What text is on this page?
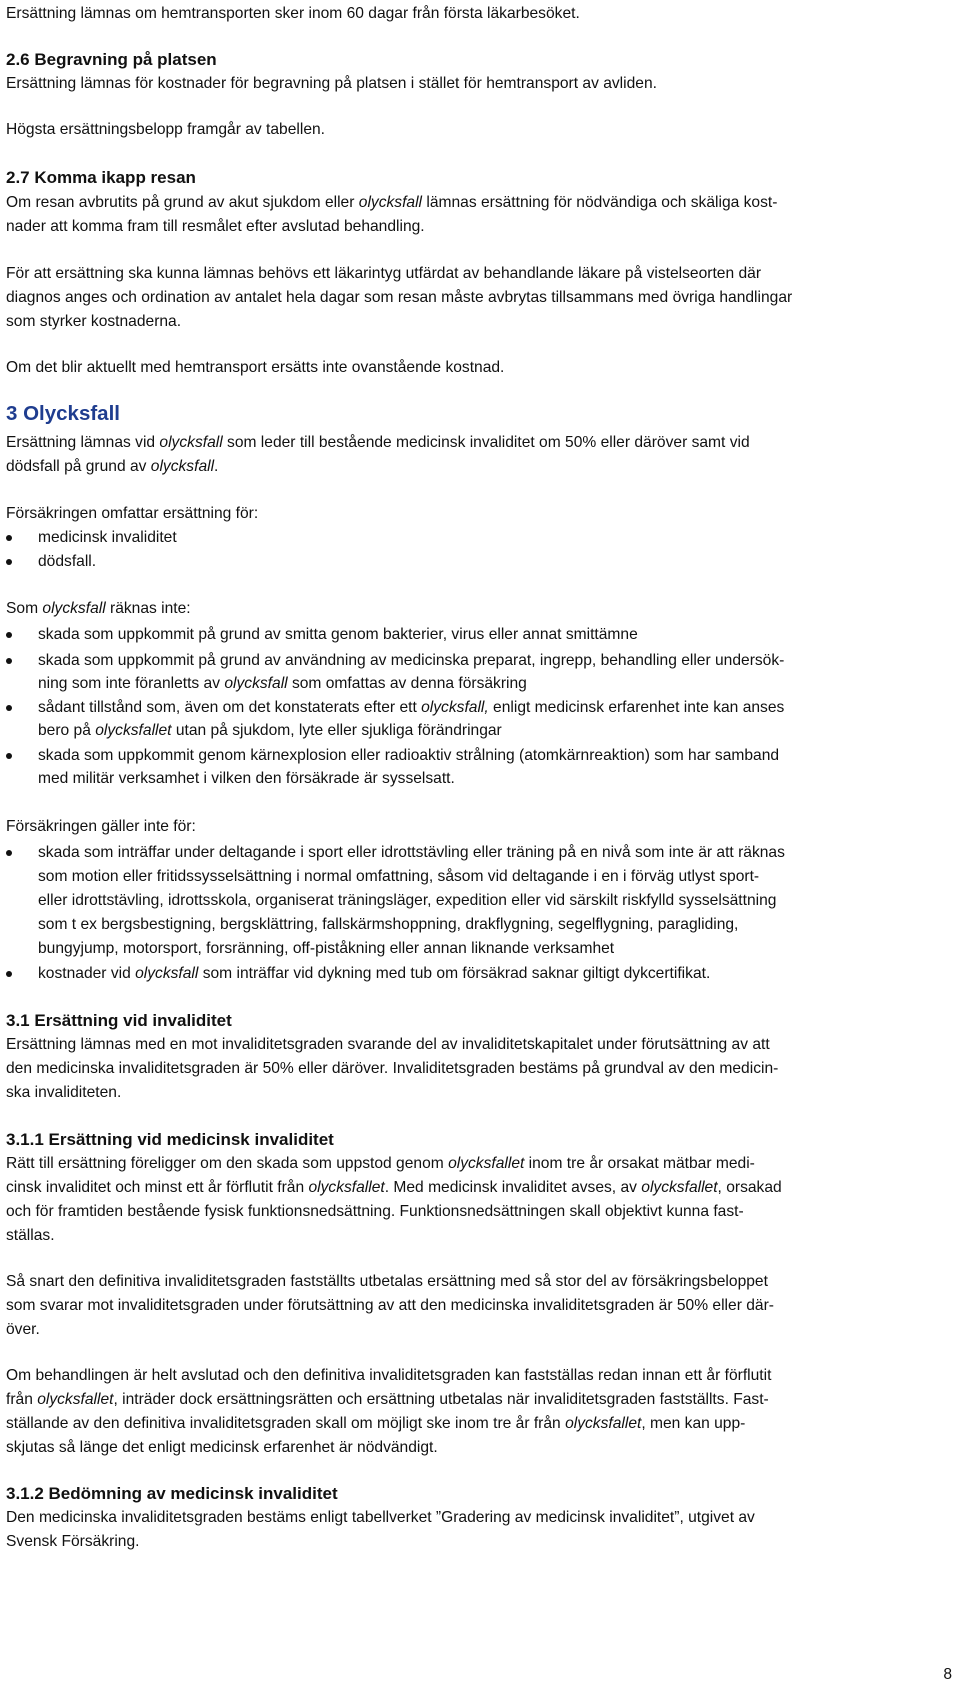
Ersättning lämnas om hemtransporten sker inom 60 dagar från första läkarbesöket.
2.6 Begravning på platsen
Ersättning lämnas för kostnader för begravning på platsen i stället för hemtransport av avliden.
Högsta ersättningsbelopp framgår av tabellen.
2.7 Komma ikapp resan
Om resan avbrutits på grund av akut sjukdom eller olycksfall lämnas ersättning för nödvändiga och skäliga kost-
nader att komma fram till resmålet efter avslutad behandling.
För att ersättning ska kunna lämnas behövs ett läkarintyg utfärdat av behandlande läkare på vistelseorten där
diagnos anges och ordination av antalet hela dagar som resan måste avbrytas tillsammans med övriga handlingar
som styrker kostnaderna.
Om det blir aktuellt med hemtransport ersätts inte ovanstående kostnad.
3 Olycksfall
Ersättning lämnas vid olycksfall som leder till bestående medicinsk invaliditet om 50% eller däröver samt vid
dödsfall på grund av olycksfall.
Försäkringen omfattar ersättning för:
medicinsk invaliditet
dödsfall.
Som olycksfall räknas inte:
skada som uppkommit på grund av smitta genom bakterier, virus eller annat smittämne
skada som uppkommit på grund av användning av medicinska preparat, ingrepp, behandling eller undersök-
ning som inte föranletts av olycksfall som omfattas av denna försäkring
sådant tillstånd som, även om det konstaterats efter ett olycksfall, enligt medicinsk erfarenhet inte kan anses
bero på olycksfallet utan på sjukdom, lyte eller sjukliga förändringar
skada som uppkommit genom kärnexplosion eller radioaktiv strålning (atomkärnreaktion) som har samband
med militär verksamhet i vilken den försäkrade är sysselsatt.
Försäkringen gäller inte för:
skada som inträffar under deltagande i sport eller idrottstävling eller träning på en nivå som inte är att räknas
som motion eller fritidssysselsättning i normal omfattning, såsom vid deltagande i en i förväg utlyst sport-
eller idrottstävling, idrottsskola, organiserat träningsläger, expedition eller vid särskilt riskfylld sysselsättning
som t ex bergsbestigning, bergsklättring, fallskärmshoppning, drakflygning, segelflygning, paragliding,
bungyjump, motorsport, forsränning, off-piståkning eller annan liknande verksamhet
kostnader vid olycksfall som inträffar vid dykning med tub om försäkrad saknar giltigt dykcertifikat.
3.1 Ersättning vid invaliditet
Ersättning lämnas med en mot invaliditetsgraden svarande del av invaliditetskapitalet under förutsättning av att
den medicinska invaliditetsgraden är 50% eller däröver. Invaliditetsgraden bestäms på grundval av den medicin-
ska invaliditeten.
3.1.1 Ersättning vid medicinsk invaliditet
Rätt till ersättning föreligger om den skada som uppstod genom olycksfallet inom tre år orsakat mätbar medi-
cinsk invaliditet och minst ett år förflutit från olycksfallet. Med medicinsk invaliditet avses, av olycksfallet, orsakad
och för framtiden bestående fysisk funktionsnedsättning. Funktionsnedsättningen skall objektivt kunna fast-
ställas.
Så snart den definitiva invaliditetsgraden fastställts utbetalas ersättning med så stor del av försäkringsbeloppet
som svarar mot invaliditetsgraden under förutsättning av att den medicinska invaliditetsgraden är 50% eller där-
över.
Om behandlingen är helt avslutad och den definitiva invaliditetsgraden kan fastställas redan innan ett år förflutit
från olycksfallet, inträder dock ersättningsrätten och ersättning utbetalas när invaliditetsgraden fastställts. Fast-
ställande av den definitiva invaliditetsgraden skall om möjligt ske inom tre år från olycksfallet, men kan upp-
skjutas så länge det enligt medicinsk erfarenhet är nödvändigt.
3.1.2 Bedömning av medicinsk invaliditet
Den medicinska invaliditetsgraden bestäms enligt tabellverket ”Gradering av medicinsk invaliditet”, utgivet av
Svensk Försäkring.
8
